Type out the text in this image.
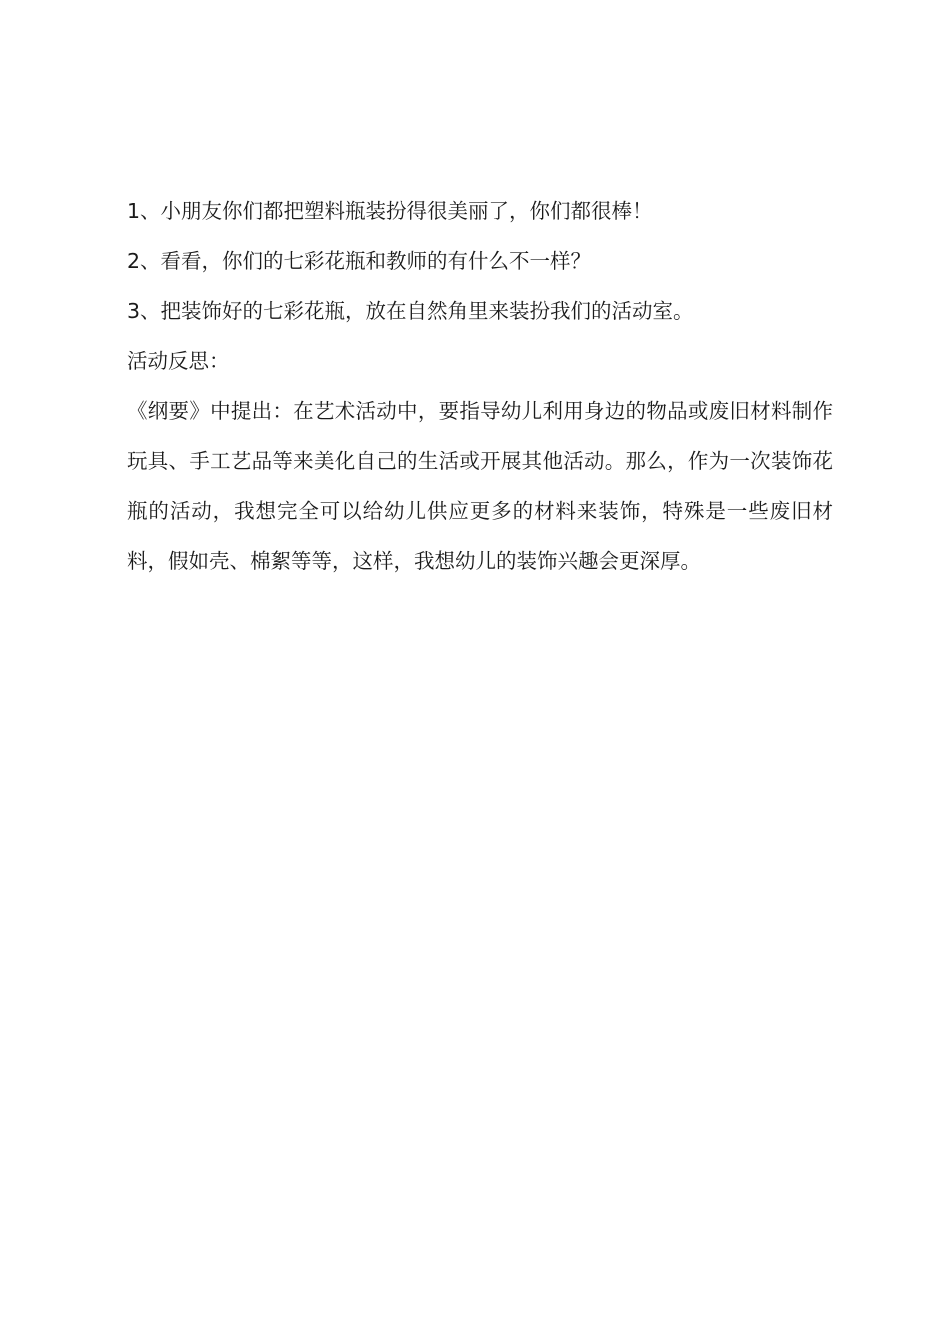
1、小朋友你们都把塑料瓶装扮得很美丽了，你们都很棒！

2、看看，你们的七彩花瓶和教师的有什么不一样？

3、把装饰好的七彩花瓶，放在自然角里来装扮我们的活动室。

活动反思：

《纲要》中提出：在艺术活动中，要指导幼儿利用身边的物品或废旧材料制作玩具、手工艺品等来美化自己的生活或开展其他活动。那么，作为一次装饰花瓶的活动，我想完全可以给幼儿供应更多的材料来装饰，特殊是一些废旧材料，假如壳、棉絮等等，这样，我想幼儿的装饰兴趣会更深厚。
